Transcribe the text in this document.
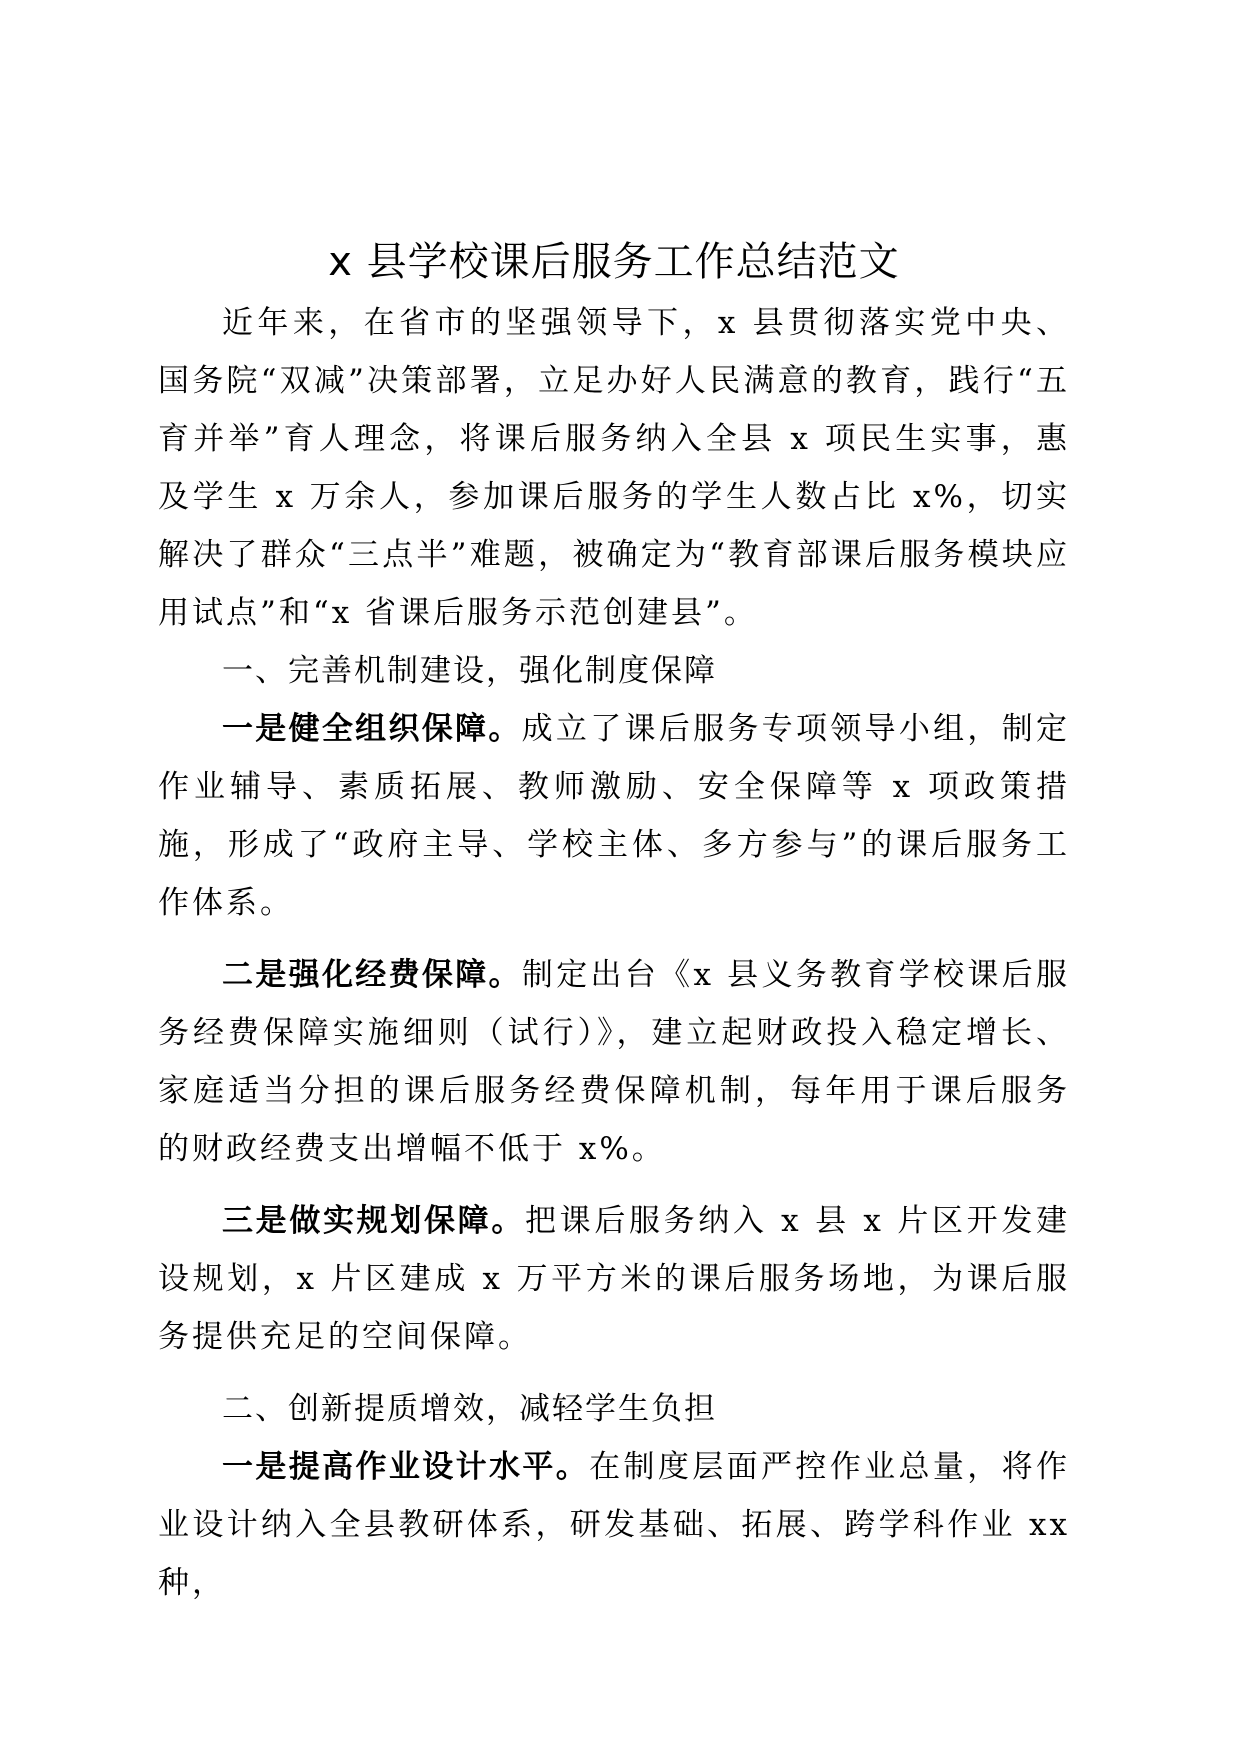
x 县学校课后服务工作总结范文

近年来，在省市的坚强领导下，x 县贯彻落实党中央、国务院“双减”决策部署，立足办好人民满意的教育，践行“五育并举”育人理念，将课后服务纳入全县 x 项民生实事，惠及学生 x 万余人，参加课后服务的学生人数占比 x%，切实解决了群众“三点半”难题，被确定为“教育部课后服务模块应用试点”和“x 省课后服务示范创建县”。

一、完善机制建设，强化制度保障

一是健全组织保障。成立了课后服务专项领导小组，制定作业辅导、素质拓展、教师激励、安全保障等 x 项政策措施，形成了“政府主导、学校主体、多方参与”的课后服务工作体系。

二是强化经费保障。制定出台《x 县义务教育学校课后服务经费保障实施细则（试行）》，建立起财政投入稳定增长、家庭适当分担的课后服务经费保障机制，每年用于课后服务的财政经费支出增幅不低于 x%。

三是做实规划保障。把课后服务纳入 x 县 x 片区开发建设规划，x 片区建成 x 万平方米的课后服务场地，为课后服务提供充足的空间保障。

二、创新提质增效，减轻学生负担

一是提高作业设计水平。在制度层面严控作业总量，将作业设计纳入全县教研体系，研发基础、拓展、跨学科作业 xx 种，
